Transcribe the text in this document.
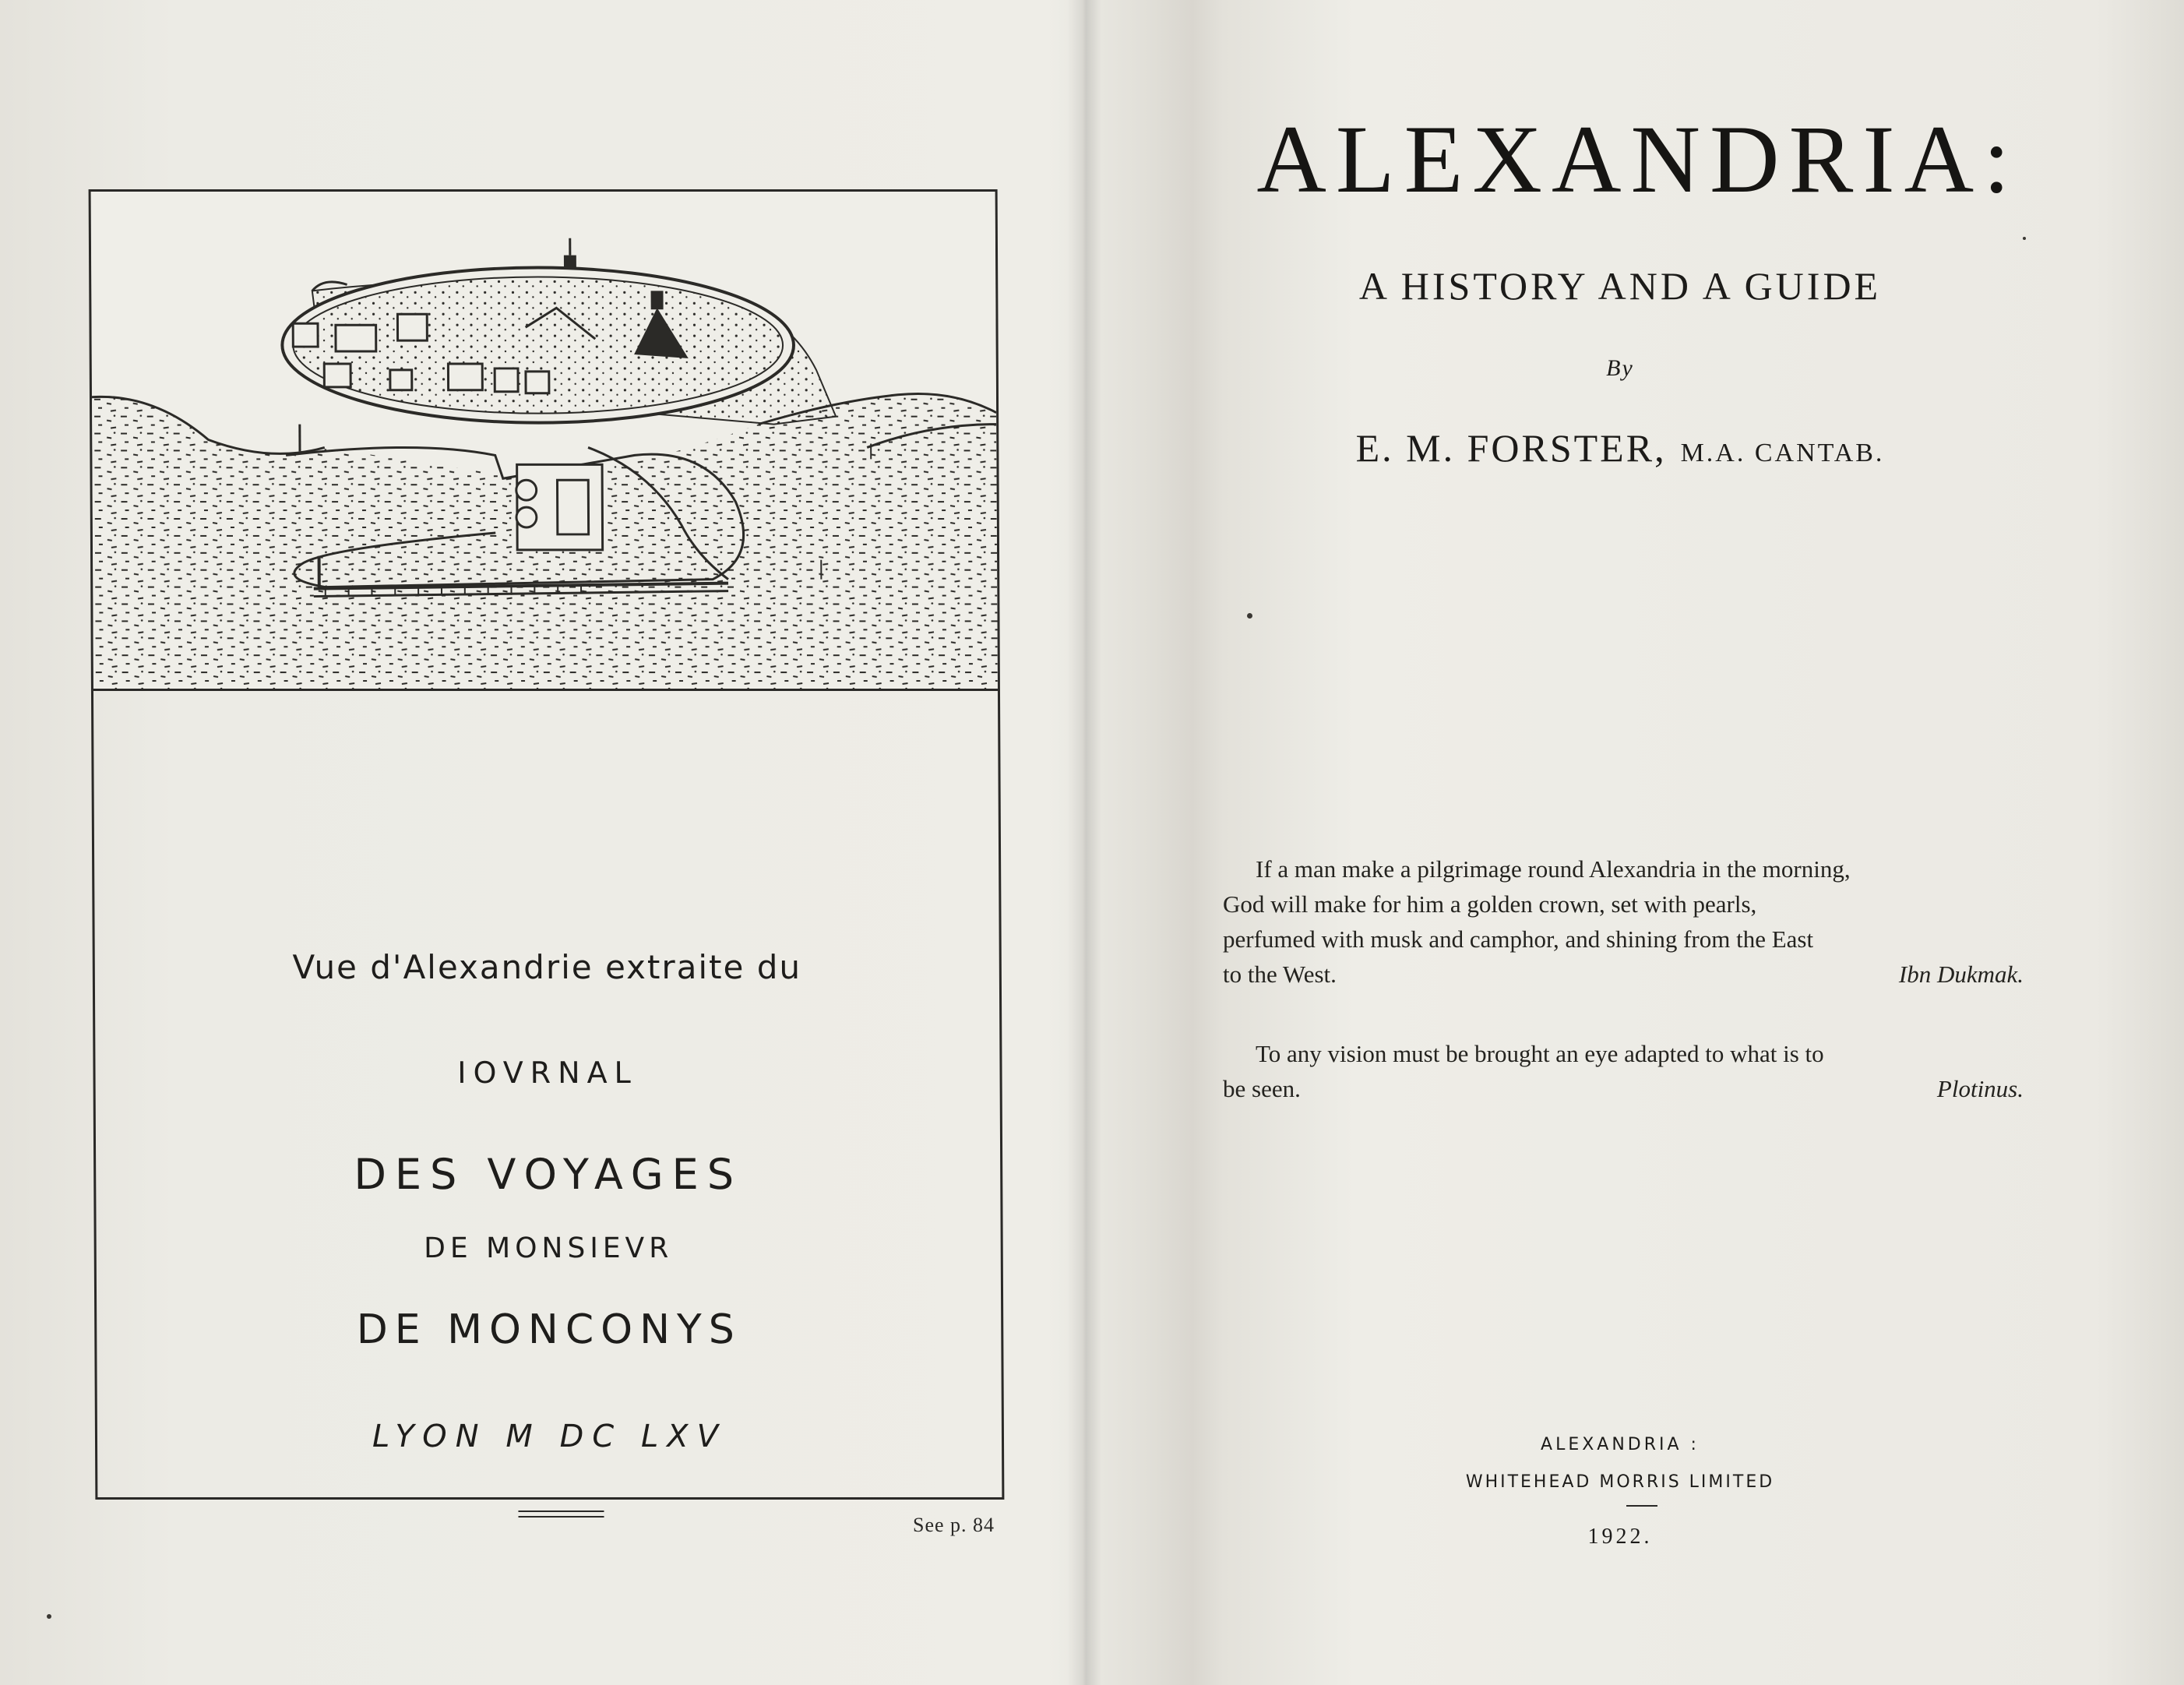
Vue d'Alexandrie extraite du
IOVRNAL
DES VOYAGES
DE MONSIEVR
DE MONCONYS
LYON M DC LXV
See p. 84
ALEXANDRIA:
A HISTORY AND A GUIDE
By
E. M. FORSTER, M.A. CANTAB.
If a man make a pilgrimage round Alexandria in the morning,
God will make for him a golden crown, set with pearls,
perfumed with musk and camphor, and shining from the East
to the West.	Ibn Dukmak.
To any vision must be brought an eye adapted to what is to
be seen.	Plotinus.
ALEXANDRIA :
WHITEHEAD MORRIS LIMITED
1922.
